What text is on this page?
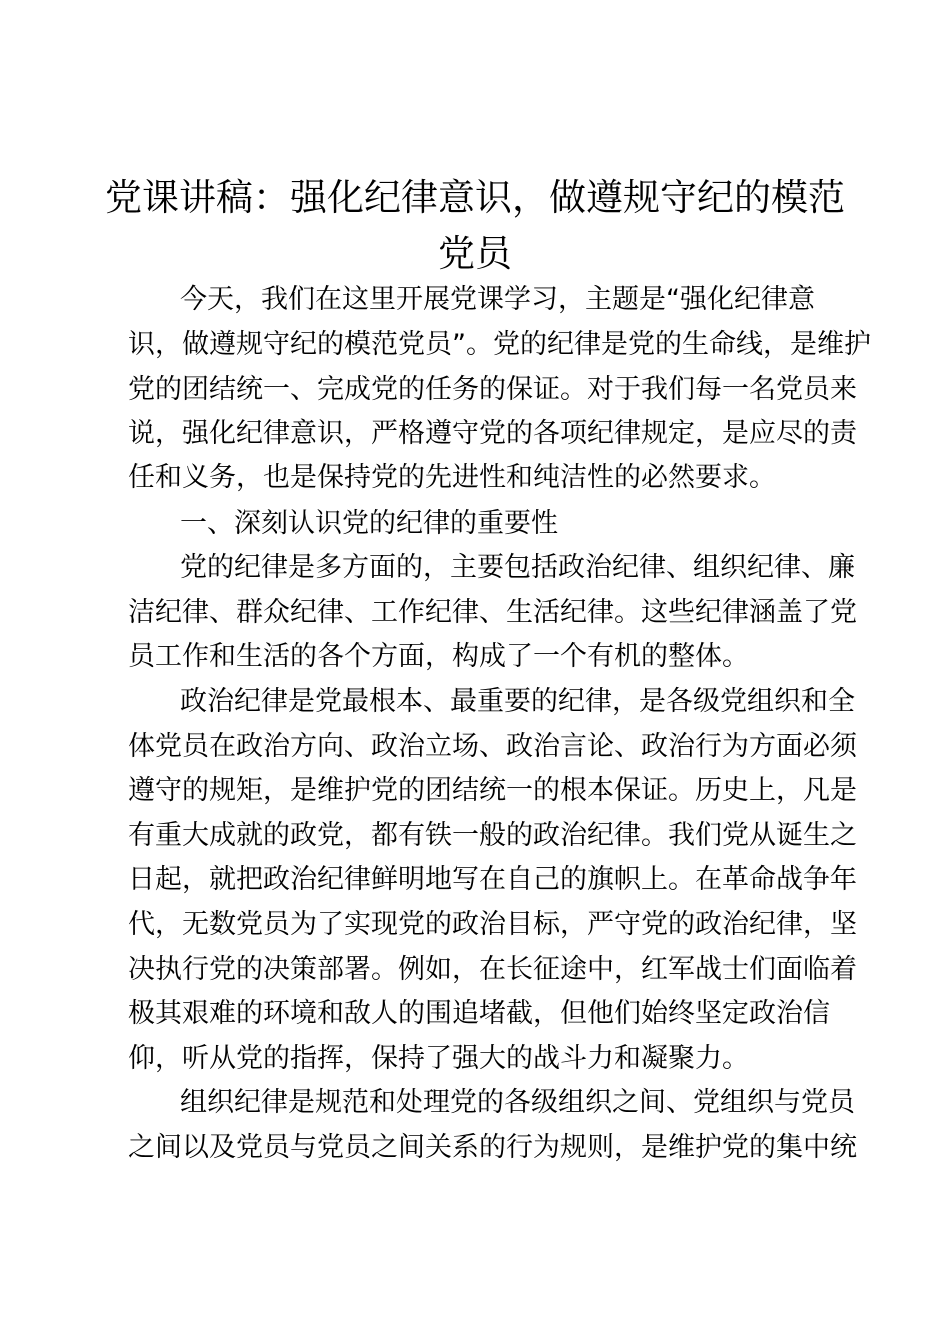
党课讲稿：强化纪律意识，做遵规守纪的模范
党员

今天，我们在这里开展党课学习，主题是“强化纪律意

识，做遵规守纪的模范党员”。党的纪律是党的生命线，是维护

党的团结统一、完成党的任务的保证。对于我们每一名党员来

说，强化纪律意识，严格遵守党的各项纪律规定，是应尽的责

任和义务，也是保持党的先进性和纯洁性的必然要求。

一、深刻认识党的纪律的重要性

党的纪律是多方面的，主要包括政治纪律、组织纪律、廉

洁纪律、群众纪律、工作纪律、生活纪律。这些纪律涵盖了党

员工作和生活的各个方面，构成了一个有机的整体。

政治纪律是党最根本、最重要的纪律，是各级党组织和全

体党员在政治方向、政治立场、政治言论、政治行为方面必须

遵守的规矩，是维护党的团结统一的根本保证。历史上，凡是

有重大成就的政党，都有铁一般的政治纪律。我们党从诞生之

日起，就把政治纪律鲜明地写在自己的旗帜上。在革命战争年

代，无数党员为了实现党的政治目标，严守党的政治纪律，坚

决执行党的决策部署。例如，在长征途中，红军战士们面临着

极其艰难的环境和敌人的围追堵截，但他们始终坚定政治信

仰，听从党的指挥，保持了强大的战斗力和凝聚力。

组织纪律是规范和处理党的各级组织之间、党组织与党员

之间以及党员与党员之间关系的行为规则，是维护党的集中统
